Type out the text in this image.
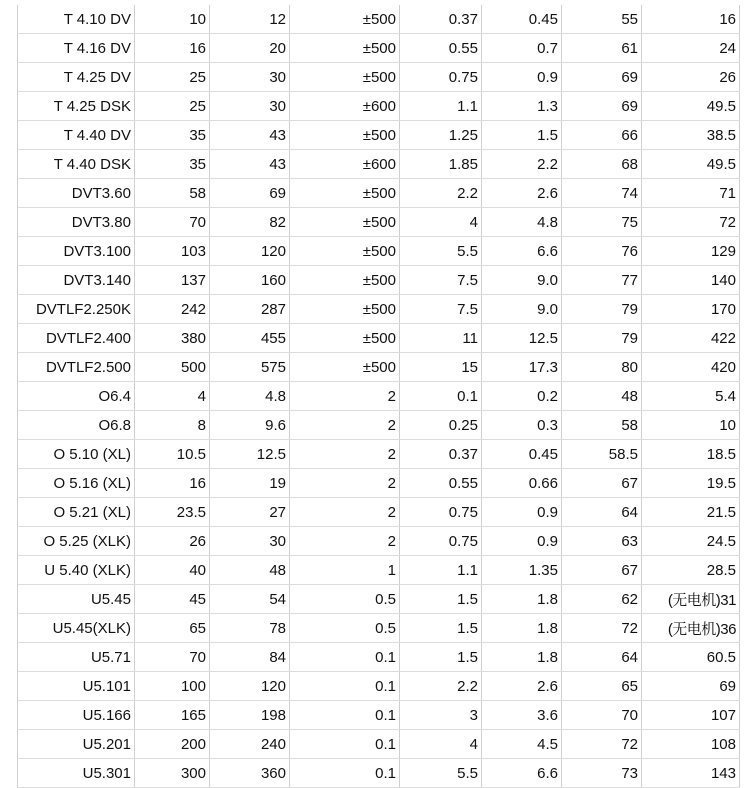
T 4.10 DV	10	12	±500	0.37	0.45	55	16
T 4.16 DV	16	20	±500	0.55	0.7	61	24
T 4.25 DV	25	30	±500	0.75	0.9	69	26
T 4.25 DSK	25	30	±600	1.1	1.3	69	49.5
T 4.40 DV	35	43	±500	1.25	1.5	66	38.5
T 4.40 DSK	35	43	±600	1.85	2.2	68	49.5
DVT3.60	58	69	±500	2.2	2.6	74	71
DVT3.80	70	82	±500	4	4.8	75	72
DVT3.100	103	120	±500	5.5	6.6	76	129
DVT3.140	137	160	±500	7.5	9.0	77	140
DVTLF2.250K	242	287	±500	7.5	9.0	79	170
DVTLF2.400	380	455	±500	11	12.5	79	422
DVTLF2.500	500	575	±500	15	17.3	80	420
O6.4	4	4.8	2	0.1	0.2	48	5.4
O6.8	8	9.6	2	0.25	0.3	58	10
O 5.10 (XL)	10.5	12.5	2	0.37	0.45	58.5	18.5
O 5.16 (XL)	16	19	2	0.55	0.66	67	19.5
O 5.21 (XL)	23.5	27	2	0.75	0.9	64	21.5
O 5.25 (XLK)	26	30	2	0.75	0.9	63	24.5
U 5.40 (XLK)	40	48	1	1.1	1.35	67	28.5
U5.45	45	54	0.5	1.5	1.8	62	(无电机)31
U5.45(XLK)	65	78	0.5	1.5	1.8	72	(无电机)36
U5.71	70	84	0.1	1.5	1.8	64	60.5
U5.101	100	120	0.1	2.2	2.6	65	69
U5.166	165	198	0.1	3	3.6	70	107
U5.201	200	240	0.1	4	4.5	72	108
U5.301	300	360	0.1	5.5	6.6	73	143
